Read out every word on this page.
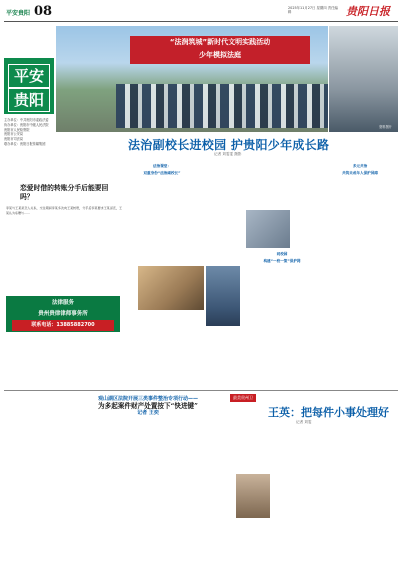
平安贵阳 08	2025年11月27日 星期四 责任编辑	贵阳日报
平安
贵阳
主办单位：中共贵阳市委政法委
协办单位：贵阳市中级人民法院
贵阳市人民检察院
贵阳市公安局
贵阳市司法局
联办单位：贵阳日报传媒集团
“法润筑城”新时代文明实践活动
少年模拟法庭
资料图片
法治副校长进校园 护贵阳少年成长路
记者 刘雯雯 摄影
恋爱时借的转账分手后能要回吗？
李某与王某是恋人关系，交往期间李某多次向王某转账，分手后李某要求王某返还，王某认为系赠与……
法律服务
贵州贵律律师事务所
联系电话：13885882700
法治课堂：
双重身份“法治副校长”
同校园
构建“一校一策”保护网
多元共治
共筑未成年人保护屏障
观山湖区法院开展三类事件整治专项行动——
为多起案件财产处置按下“快进键”
记者 王奕
最美贵州卫
王英：把每件小事处理好
记者 刘雯
